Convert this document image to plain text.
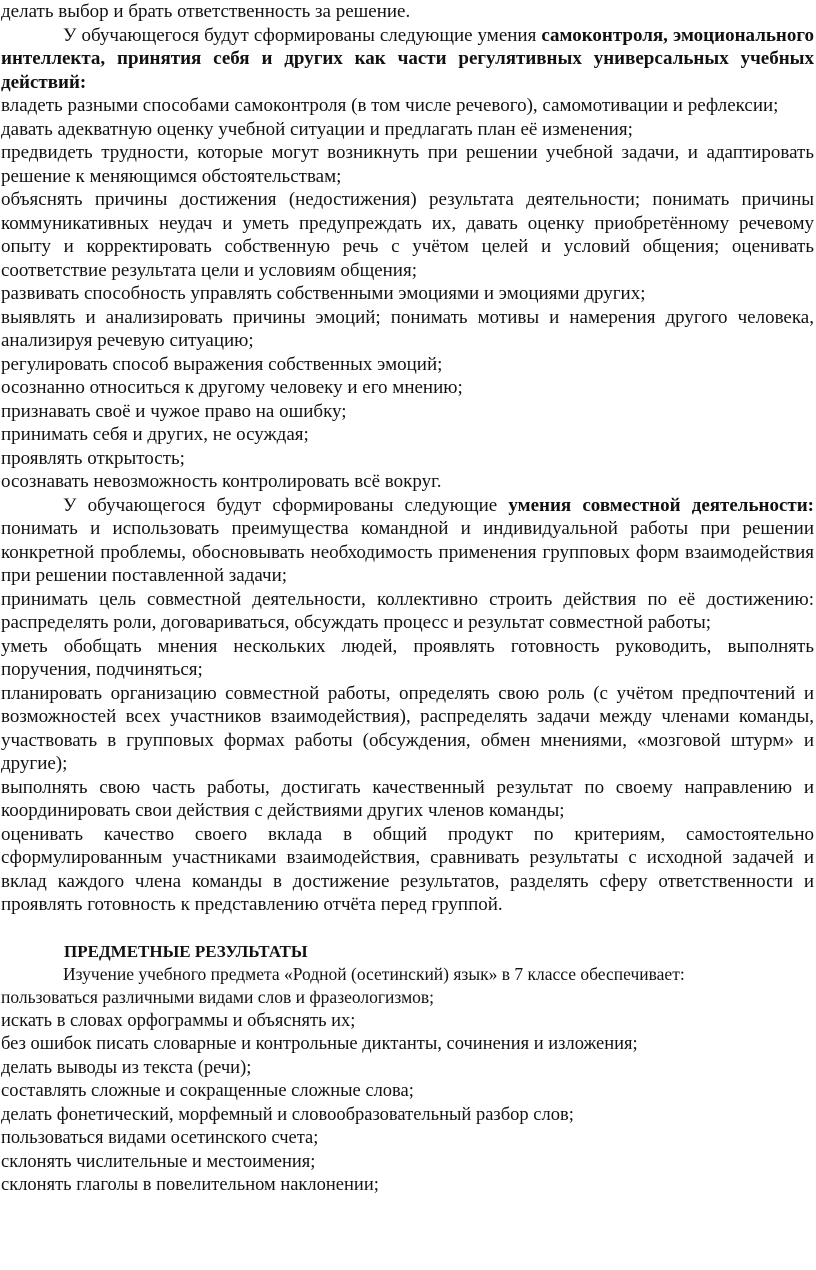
делать выбор и брать ответственность за решение.

У обучающегося будут сформированы следующие умения самоконтроля, эмоционального интеллекта, принятия себя и других как части регулятивных универсальных учебных действий:

владеть разными способами самоконтроля (в том числе речевого), самомотивации и рефлексии;

давать адекватную оценку учебной ситуации и предлагать план её изменения;

предвидеть трудности, которые могут возникнуть при решении учебной задачи, и адаптировать решение к меняющимся обстоятельствам;

объяснять причины достижения (недостижения) результата деятельности; понимать причины коммуникативных неудач и уметь предупреждать их, давать оценку приобретённому речевому опыту и корректировать собственную речь с учётом целей и условий общения; оценивать соответствие результата цели и условиям общения;

развивать способность управлять собственными эмоциями и эмоциями других;

выявлять и анализировать причины эмоций; понимать мотивы и намерения другого человека, анализируя речевую ситуацию;

регулировать способ выражения собственных эмоций;

осознанно относиться к другому человеку и его мнению;

признавать своё и чужое право на ошибку;

принимать себя и других, не осуждая;

проявлять открытость;

осознавать невозможность контролировать всё вокруг.

У обучающегося будут сформированы следующие умения совместной деятельности: понимать и использовать преимущества командной и индивидуальной работы при решении конкретной проблемы, обосновывать необходимость применения групповых форм взаимодействия при решении поставленной задачи;

принимать цель совместной деятельности, коллективно строить действия по её достижению: распределять роли, договариваться, обсуждать процесс и результат совместной работы;

уметь обобщать мнения нескольких людей, проявлять готовность руководить, выполнять поручения, подчиняться;

планировать организацию совместной работы, определять свою роль (с учётом предпочтений и возможностей всех участников взаимодействия), распределять задачи между членами команды, участвовать в групповых формах работы (обсуждения, обмен мнениями, «мозговой штурм» и другие);

выполнять свою часть работы, достигать качественный результат по своему направлению и координировать свои действия с действиями других членов команды;

оценивать качество своего вклада в общий продукт по критериям, самостоятельно сформулированным участниками взаимодействия, сравнивать результаты с исходной задачей и вклад каждого члена команды в достижение результатов, разделять сферу ответственности и проявлять готовность к представлению отчёта перед группой.

ПРЕДМЕТНЫЕ РЕЗУЛЬТАТЫ

Изучение учебного предмета «Родной (осетинский) язык» в 7 классе обеспечивает:

пользоваться различными видами слов и фразеологизмов;

искать в словах орфограммы и объяснять их;

без ошибок писать словарные и контрольные диктанты, сочинения и изложения;

делать выводы из текста (речи);

составлять сложные и сокращенные сложные слова;

делать фонетический, морфемный и словообразовательный разбор слов;

пользоваться видами осетинского счета;

склонять числительные и местоимения;

склонять глаголы в повелительном наклонении;
